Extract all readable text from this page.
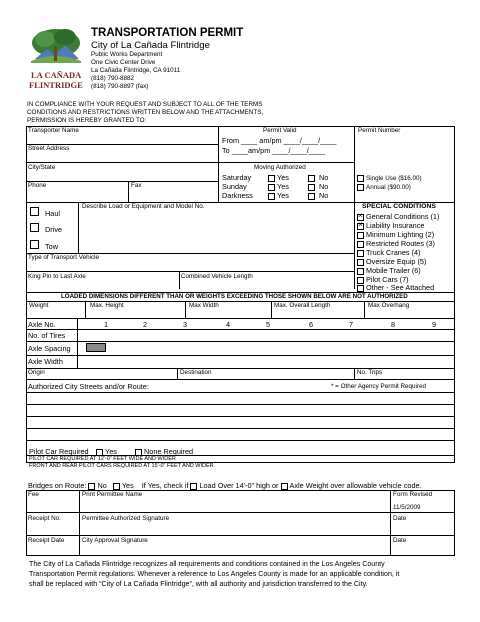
LA CAÑADA
FLINTRIDGE
TRANSPORTATION PERMIT
City of La Cañada Flintridge
Public Works Department
One Civic Center Drive
La Cañada Flintridge, CA 91011
(818) 790-8882
(818) 790-8897 (fax)
IN COMPLIANCE WITH YOUR REQUEST AND SUBJECT TO ALL OF THE TERMS
CONDITIONS AND RESTRICTIONS WRITTEN BELOW AND THE ATTACHMENTS,
PERMISSION IS HEREBY GRANTED TO:
Transporter Name
Street Address
City/State
Phone	Fax
Permit Valid
From ____ am/pm ____/____/____
To ____am/pm ____/____/____
Moving Authorized
Saturday	Yes	No
Sunday	Yes	No
Darkness	Yes	No
Permit Number
Single Use ($16.00)
Annual ($90.00)
Haul
Drive
Tow
Describe Load or Equipment and Model No.
Type of Transport Vehicle
King Pin to Last Axle	Combined Vehicle Length
SPECIAL CONDITIONS
×General Conditions (1)
×Liability Insurance
Minimum Lighting (2)
Restricted Routes (3)
Truck Cranes (4)
Oversize Equip (5)
Mobile Trailer (6)
Pilot Cars (7)
Other - See Attached
LOADED DIMENSIONS DIFFERENT THAN OR WEIGHTS EXCEEDING THOSE SHOWN BELOW ARE NOT AUTHORIZED
Weight	Max. Height	Max Width	Max. Overall Length	Max Overhang
Axle No.	1	2	3	4	5	6	7	8	9
No. of Tires
Axle Spacing
Axle Width
Origin	Destination	No. Trips
Authorized City Streets and/or Route:	* = Other Agency Permit Required
Pilot Car Required	Yes	None Required
PILOT CAR REQUIRED AT 12'-0" FEET WIDE AND WIDER
FRONT AND REAR PILOT CARS REQUIRED AT 15'-0" FEET AND WIDER.
Bridges on Route: No Yes If Yes, check if Load Over 14'-0" high or Axle Weight over allowable vehicle code.
Fee	Print Permittee Name	Form Revised
11/5/2009
Receipt No.	Permittee Authorized Signature	Date
Receipt Date	City Approval Signature	Date
The City of La Cañada Flintridge recognizes all requirements and conditions contained in the Los Angeles County
Transportation Permit regulations. Whenever a reference to Los Angeles County is made for an applicable condition, it
shall be replaced with “City of La Cañada Flintridge”, with all authority and jurisdiction transferred to the City.
